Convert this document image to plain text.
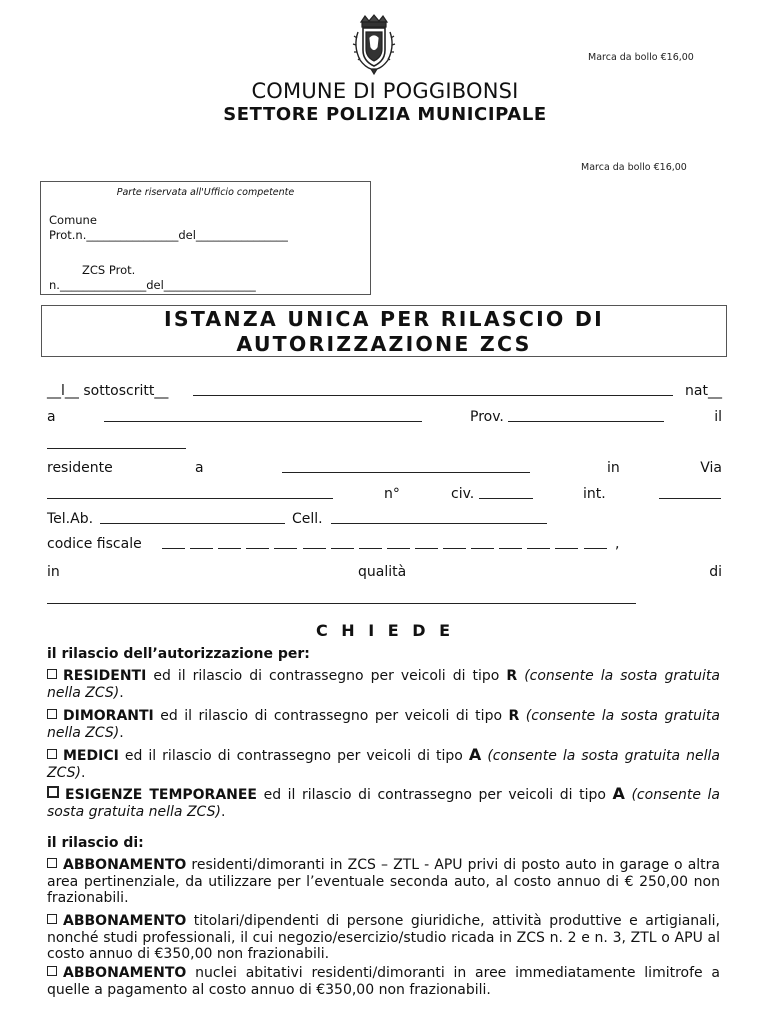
Marca da bollo €16,00
COMUNE DI POGGIBONSI
SETTORE POLIZIA MUNICIPALE
Marca da bollo €16,00
Parte riservata all'Ufficio competente
Comune
Prot.n.________________del________________
ZCS Prot.
n._______________del________________
ISTANZA UNICA PER RILASCIO DI
AUTORIZZAZIONE ZCS
__l__ sottoscritt__	nat__
a	Prov.	il
residente	a	in	Via
n°	civ.	int.
Tel.Ab.	Cell.
codice fiscale	,
in	qualità	di
C H I E D E
il rilascio dell’autorizzazione per:
RESIDENTI ed il rilascio di contrassegno per veicoli di tipo R (consente la sosta gratuita nella ZCS).
DIMORANTI ed il rilascio di contrassegno per veicoli di tipo R (consente la sosta gratuita nella ZCS).
MEDICI ed il rilascio di contrassegno per veicoli di tipo A (consente la sosta gratuita nella ZCS).
ESIGENZE TEMPORANEE ed il rilascio di contrassegno per veicoli di tipo A (consente la sosta gratuita nella ZCS).
il rilascio di:
ABBONAMENTO residenti/dimoranti in ZCS – ZTL - APU privi di posto auto in garage o altra area pertinenziale, da utilizzare per l’eventuale seconda auto, al costo annuo di € 250,00 non frazionabili.
ABBONAMENTO titolari/dipendenti di persone giuridiche, attività produttive e artigianali, nonché studi professionali, il cui negozio/esercizio/studio ricada in ZCS n. 2 e n. 3, ZTL o APU al costo annuo di €350,00 non frazionabili.
ABBONAMENTO nuclei abitativi residenti/dimoranti in aree immediatamente limitrofe a quelle a pagamento al costo annuo di €350,00 non frazionabili.
